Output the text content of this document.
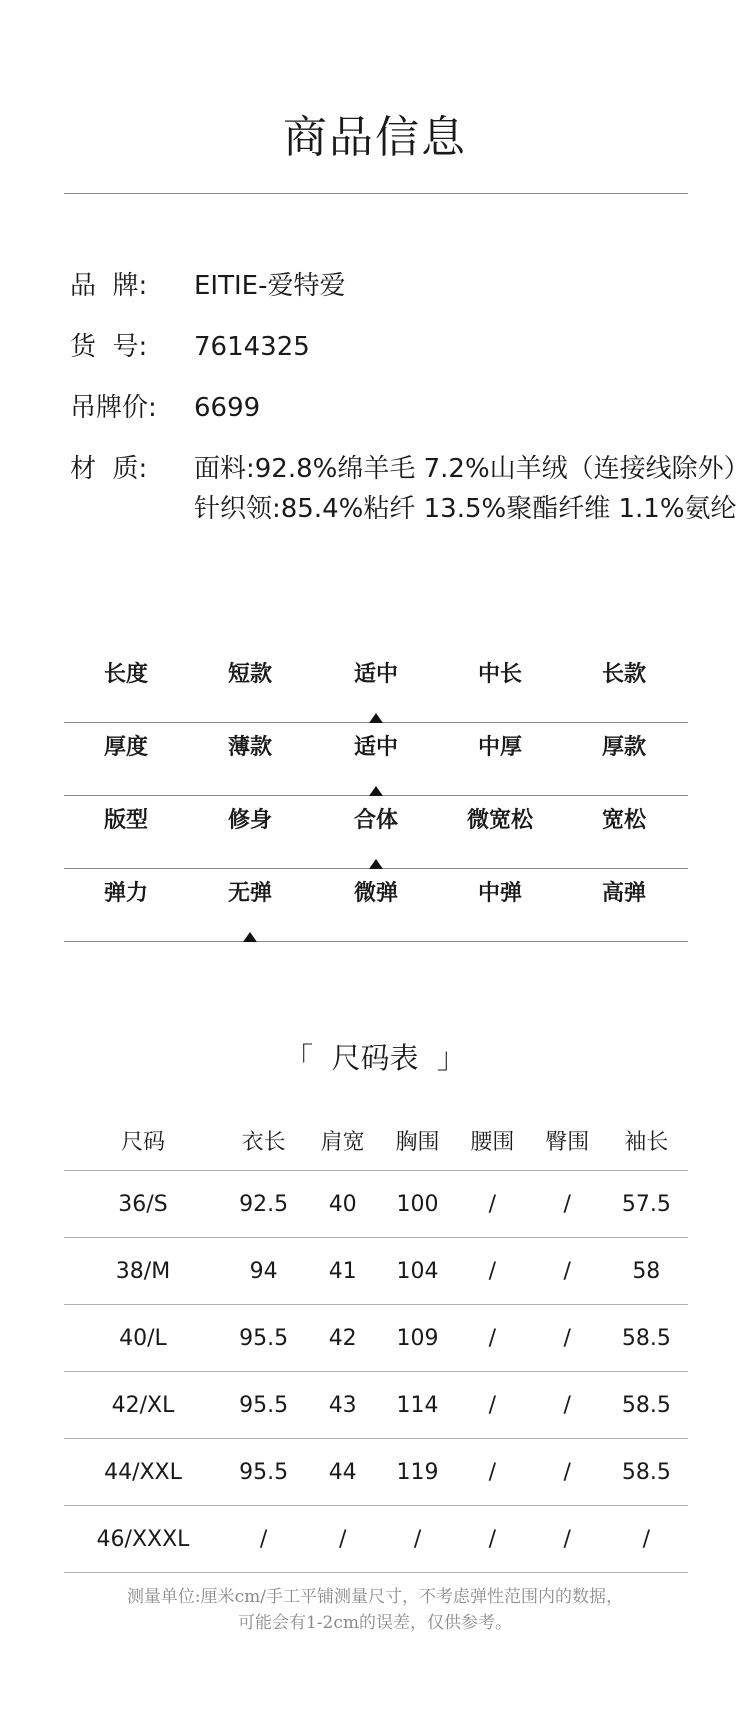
商品信息
品  牌:	EITIE-爱特爱
货  号:	7614325
吊牌价:	6699
材  质:	面料:92.8%绵羊毛 7.2%山羊绒（连接线除外）
针织领:85.4%粘纤 13.5%聚酯纤维 1.1%氨纶
长度	短款	适中	中长	长款
厚度	薄款	适中	中厚	厚款
版型	修身	合体	微宽松	宽松
弹力	无弹	微弹	中弹	高弹
「  尺码表  」
尺码	衣长	肩宽	胸围	腰围	臀围	袖长
36/S	92.5	40	100	/	/	57.5
38/M	94	41	104	/	/	58
40/L	95.5	42	109	/	/	58.5
42/XL	95.5	43	114	/	/	58.5
44/XXL	95.5	44	119	/	/	58.5
46/XXXL	/	/	/	/	/	/
测量单位:厘米cm/手工平铺测量尺寸，不考虑弹性范围内的数据，
可能会有1-2cm的误差，仅供参考。
